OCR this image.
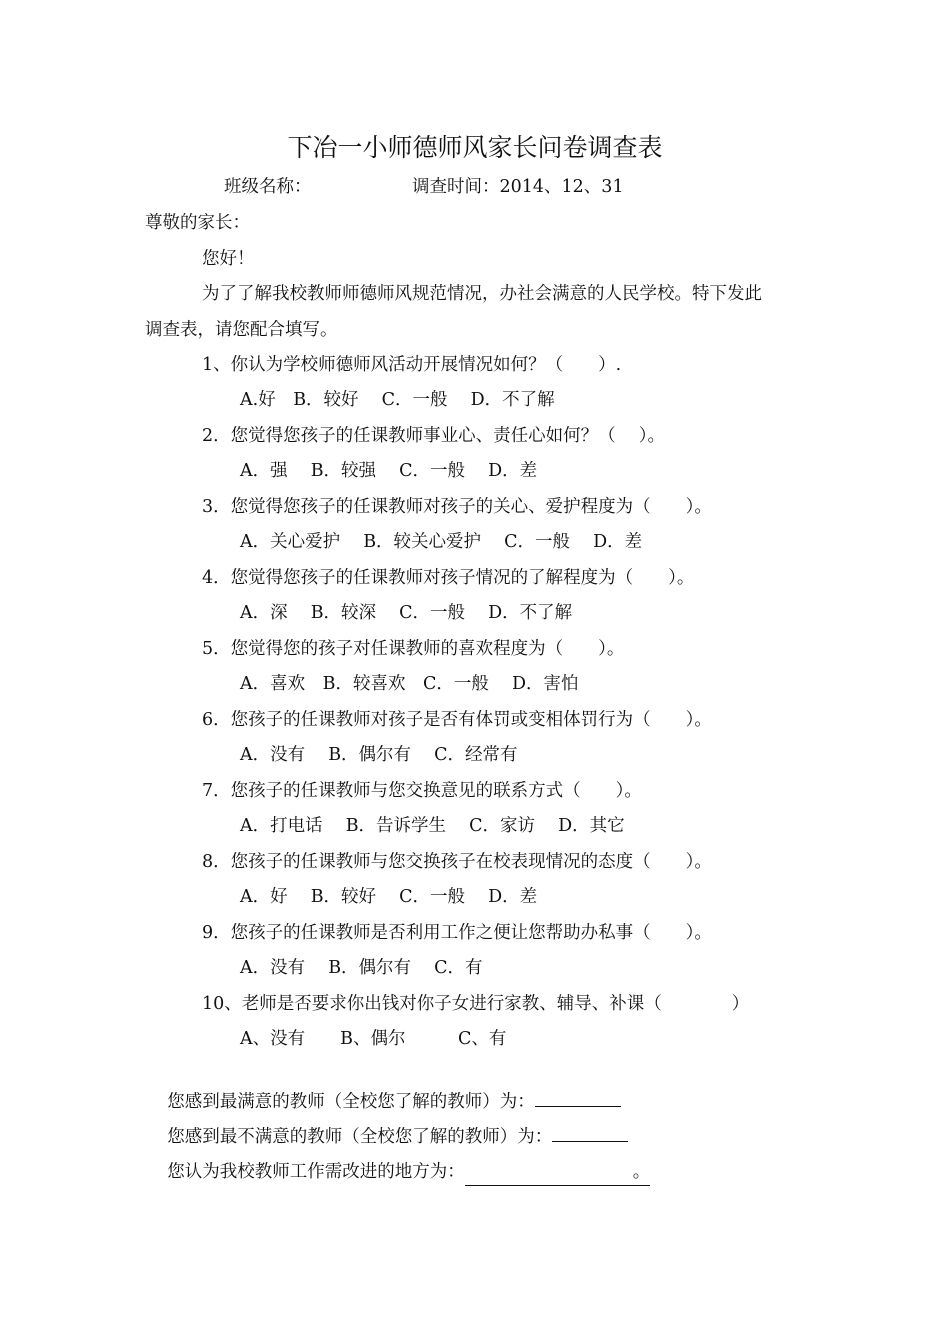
下冶一小师德师风家长问卷调查表
班级名称：	调查时间：2014、12、31
尊敬的家长：
您好！
为了了解我校教师师德师风规范情况，办社会满意的人民学校。特下发此
调查表，请您配合填写。
1、你认为学校师德师风活动开展情况如何？（　　）.
A.好　B．较好　 C．一般　 D．不了解
2．您觉得您孩子的任课教师事业心、责任心如何？（　 ）。
A．强　 B．较强　 C．一般　 D．差
3．您觉得您孩子的任课教师对孩子的关心、爱护程度为（　　）。
A．关心爱护　 B．较关心爱护　 C．一般　 D．差
4．您觉得您孩子的任课教师对孩子情况的了解程度为（　　）。
A．深　 B．较深　 C．一般　 D．不了解
5．您觉得您的孩子对任课教师的喜欢程度为（　　）。
A．喜欢　B．较喜欢　C．一般　 D．害怕
6．您孩子的任课教师对孩子是否有体罚或变相体罚行为（　　）。
A．没有　 B．偶尔有　 C．经常有
7．您孩子的任课教师与您交换意见的联系方式（　　）。
A．打电话　 B．告诉学生　 C．家访　 D．其它
8．您孩子的任课教师与您交换孩子在校表现情况的态度（　　）。
A．好　 B．较好　 C．一般　 D．差
9．您孩子的任课教师是否利用工作之便让您帮助办私事（　　）。
A．没有　 B．偶尔有　 C．有
10、老师是否要求你出钱对你子女进行家教、辅导、补课（　　　　）
A、没有　　B、偶尔　　　C、有

您感到最满意的教师（全校您了解的教师）为：

您感到最不满意的教师（全校您了解的教师）为：

您认为我校教师工作需改进的地方为：	。
